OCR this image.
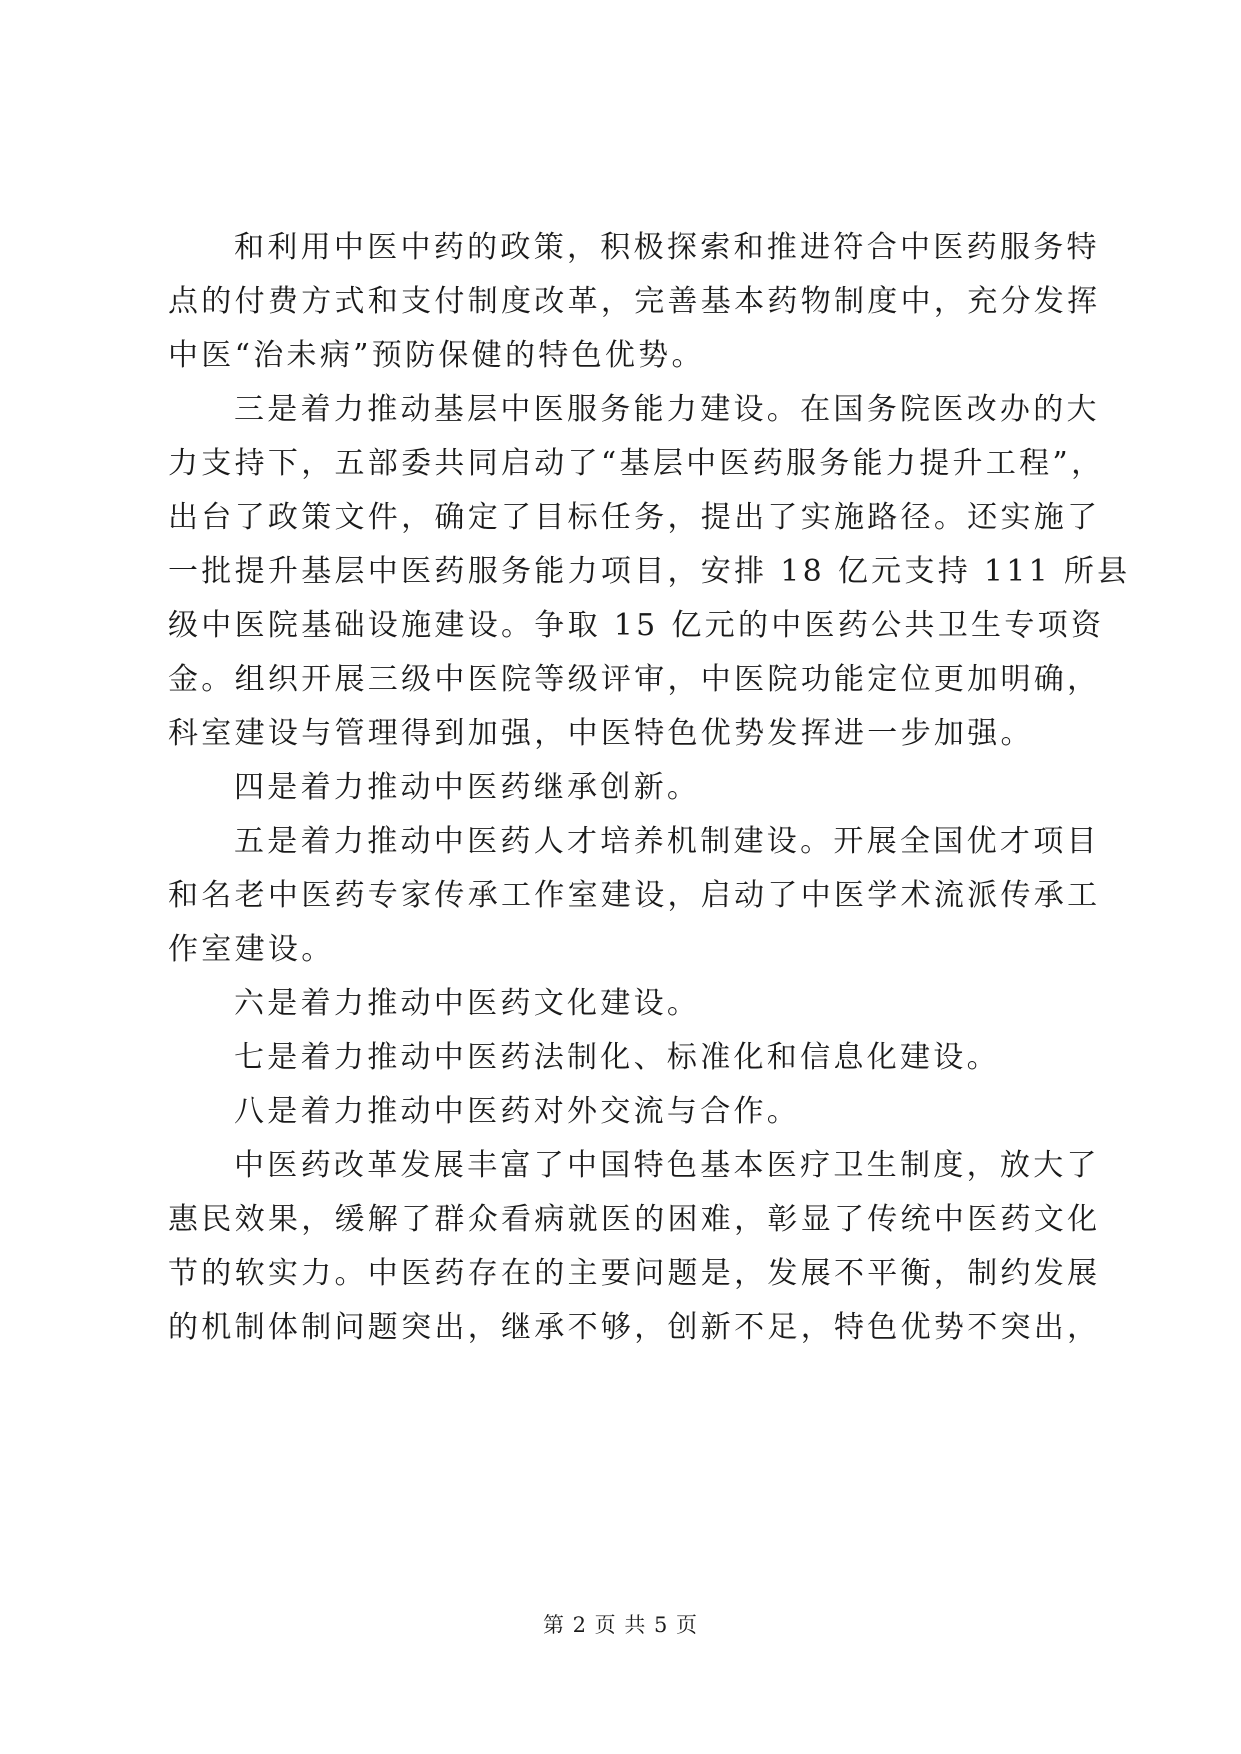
和利用中医中药的政策，积极探索和推进符合中医药服务特
点的付费方式和支付制度改革，完善基本药物制度中，充分发挥
中医“治未病”预防保健的特色优势。
三是着力推动基层中医服务能力建设。在国务院医改办的大
力支持下，五部委共同启动了“基层中医药服务能力提升工程”，
出台了政策文件，确定了目标任务，提出了实施路径。还实施了
一批提升基层中医药服务能力项目，安排 18 亿元支持 111 所县
级中医院基础设施建设。争取 15 亿元的中医药公共卫生专项资
金。组织开展三级中医院等级评审，中医院功能定位更加明确，
科室建设与管理得到加强，中医特色优势发挥进一步加强。
四是着力推动中医药继承创新。
五是着力推动中医药人才培养机制建设。开展全国优才项目
和名老中医药专家传承工作室建设，启动了中医学术流派传承工
作室建设。
六是着力推动中医药文化建设。
七是着力推动中医药法制化、标准化和信息化建设。
八是着力推动中医药对外交流与合作。
中医药改革发展丰富了中国特色基本医疗卫生制度，放大了
惠民效果，缓解了群众看病就医的困难，彰显了传统中医药文化
节的软实力。中医药存在的主要问题是，发展不平衡，制约发展
的机制体制问题突出，继承不够，创新不足，特色优势不突出，
第 2 页 共 5 页
